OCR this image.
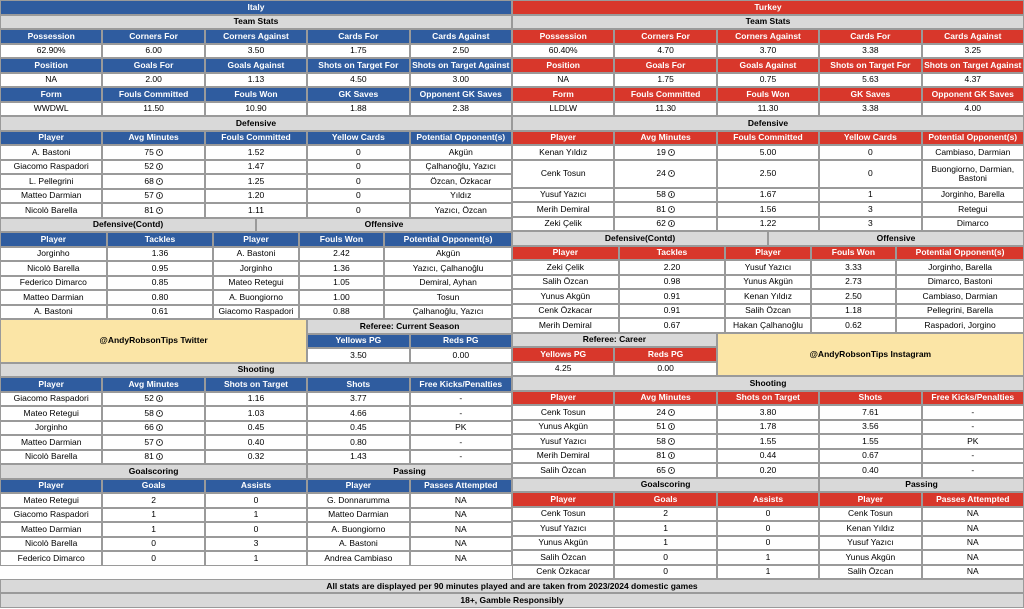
Italy
Team Stats
Possession	Corners For	Corners Against	Cards For	Cards Against
62.90%	6.00	3.50	1.75	2.50
Position	Goals For	Goals Against	Shots on Target For	Shots on Target Against
NA	2.00	1.13	4.50	3.00
Form	Fouls Committed	Fouls Won	GK Saves	Opponent GK Saves
WWDWL	11.50	10.90	1.88	2.38
Defensive
Player	Avg Minutes	Fouls Committed	Yellow Cards	Potential Opponent(s)
A. Bastoni	75	1.52	0	Akgün
Giacomo Raspadori	52	1.47	0	Çalhanoğlu, Yazıcı
L. Pellegrini	68	1.25	0	Özcan, Özkacar
Matteo Darmian	57	1.20	0	Yıldız
Nicolò Barella	81	1.11	0	Yazıcı, Özcan
Defensive(Contd)	Offensive
Player	Tackles	Player	Fouls Won	Potential Opponent(s)
Jorginho	1.36	A. Bastoni	2.42	Akgün
Nicolò Barella	0.95	Jorginho	1.36	Yazıcı, Çalhanoğlu
Federico Dimarco	0.85	Mateo Retegui	1.05	Demiral, Ayhan
Matteo Darmian	0.80	A. Buongiorno	1.00	Tosun
A. Bastoni	0.61	Giacomo Raspadori	0.88	Çalhanoğlu, Yazıcı
@AndyRobsonTips Twitter
Referee: Current Season
Yellows PG	Reds PG
3.50	0.00
Shooting
Player	Avg Minutes	Shots on Target	Shots	Free Kicks/Penalties
Giacomo Raspadori	52	1.16	3.77	-
Mateo Retegui	58	1.03	4.66	-
Jorginho	66	0.45	0.45	PK
Matteo Darmian	57	0.40	0.80	-
Nicolò Barella	81	0.32	1.43	-
Goalscoring	Passing
Player	Goals	Assists	Player	Passes Attempted
Mateo Retegui	2	0	G. Donnarumma	NA
Giacomo Raspadori	1	1	Matteo Darmian	NA
Matteo Darmian	1	0	A. Buongiorno	NA
Nicolò Barella	0	3	A. Bastoni	NA
Federico Dimarco	0	1	Andrea Cambiaso	NA
Turkey
Team Stats
Possession	Corners For	Corners Against	Cards For	Cards Against
60.40%	4.70	3.70	3.38	3.25
Position	Goals For	Goals Against	Shots on Target For	Shots on Target Against
NA	1.75	0.75	5.63	4.37
Form	Fouls Committed	Fouls Won	GK Saves	Opponent GK Saves
LLDLW	11.30	11.30	3.38	4.00
Defensive
Player	Avg Minutes	Fouls Committed	Yellow Cards	Potential Opponent(s)
Kenan Yıldız	19	5.00	0	Cambiaso, Darmian
Cenk Tosun	24	2.50	0	Buongiorno, Darmian, Bastoni
Yusuf Yazıcı	58	1.67	1	Jorginho, Barella
Merih Demiral	81	1.56	3	Retegui
Zeki Çelik	62	1.22	3	Dimarco
Defensive(Contd)	Offensive
Player	Tackles	Player	Fouls Won	Potential Opponent(s)
Zeki Çelik	2.20	Yusuf Yazıcı	3.33	Jorginho, Barella
Salih Özcan	0.98	Yunus Akgün	2.73	Dimarco, Bastoni
Yunus Akgün	0.91	Kenan Yıldız	2.50	Cambiaso, Darmian
Cenk Özkacar	0.91	Salih Özcan	1.18	Pellegrini, Barella
Merih Demiral	0.67	Hakan Çalhanoğlu	0.62	Raspadori, Jorgino
Referee: Career
Yellows PG	Reds PG
4.25	0.00
@AndyRobsonTips Instagram
Shooting
Player	Avg Minutes	Shots on Target	Shots	Free Kicks/Penalties
Cenk Tosun	24	3.80	7.61	-
Yunus Akgün	51	1.78	3.56	-
Yusuf Yazıcı	58	1.55	1.55	PK
Merih Demiral	81	0.44	0.67	-
Salih Özcan	65	0.20	0.40	-
Goalscoring	Passing
Player	Goals	Assists	Player	Passes Attempted
Cenk Tosun	2	0	Cenk Tosun	NA
Yusuf Yazıcı	1	0	Kenan Yıldız	NA
Yunus Akgün	1	0	Yusuf Yazıcı	NA
Salih Özcan	0	1	Yunus Akgün	NA
Cenk Özkacar	0	1	Salih Özcan	NA
All stats are displayed per 90 minutes played and are taken from 2023/2024 domestic games
18+, Gamble Responsibly
